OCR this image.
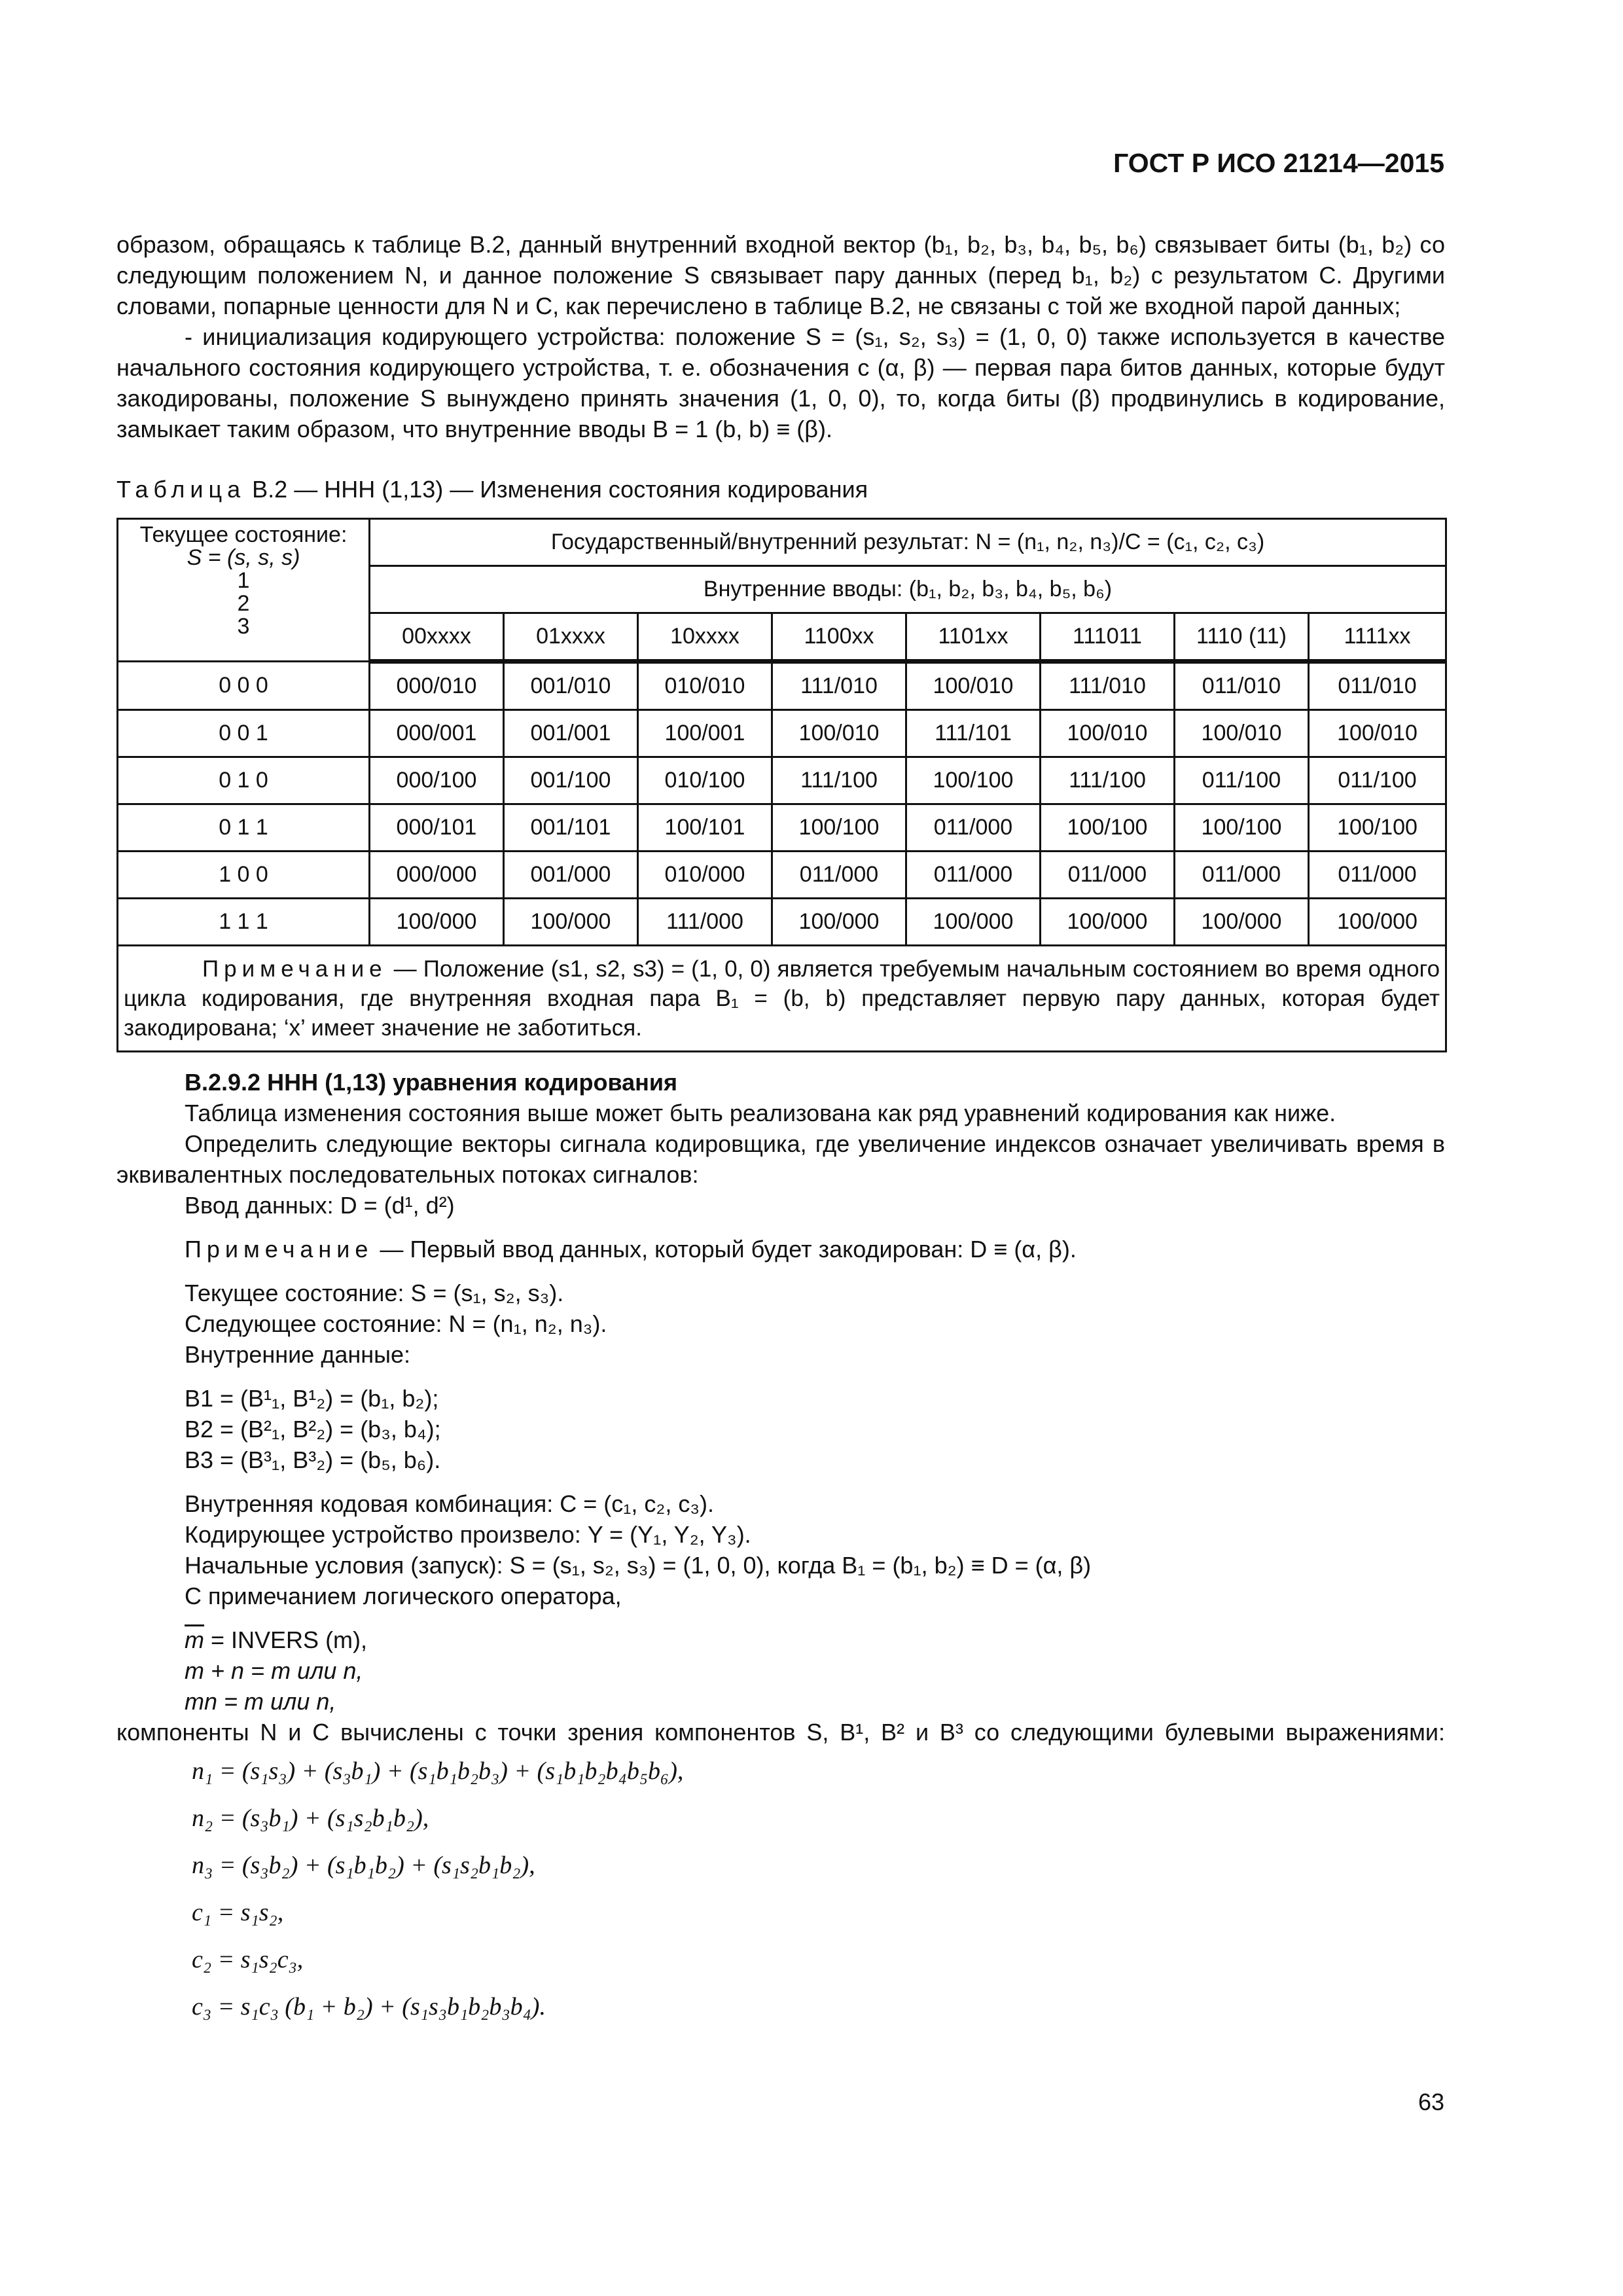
ГОСТ Р ИСО 21214—2015

образом, обращаясь к таблице В.2, данный внутренний входной вектор (b₁, b₂, b₃, b₄, b₅, b₆) связывает биты (b₁, b₂) со следующим положением N, и данное положение S связывает пару данных (перед b₁, b₂) с результатом С. Другими словами, попарные ценности для N и C, как перечислено в таблице В.2, не связаны с той же входной парой данных;

- инициализация кодирующего устройства: положение S = (s₁, s₂, s₃) = (1, 0, 0) также используется в качестве начального состояния кодирующего устройства, т. е. обозначения с (α, β) — первая пара битов данных, которые будут закодированы, положение S вынуждено принять значения (1, 0, 0), то, когда биты (β) продвинулись в кодирование, замыкает таким образом, что внутренние вводы В = 1 (b, b) ≡ (β).

Таблица В.2 — ННН (1,13) — Изменения состояния кодирования
Текущее состояние:
S = (s, s, s)
1
2
3	Государственный/внутренний результат: N = (n₁, n₂, n₃)/C = (c₁, c₂, c₃)							
	Внутренние вводы: (b₁, b₂, b₃, b₄, b₅, b₆)							
	00xxxx	01xxxx	10xxxx	1100xx	1101xx	111011	1110 (11)	1111xx
0 0 0	000/010	001/010	010/010	111/010	100/010	111/010	011/010	011/010
0 0 1	000/001	001/001	100/001	100/010	111/101	100/010	100/010	100/010
0 1 0	000/100	001/100	010/100	111/100	100/100	111/100	011/100	011/100
0 1 1	000/101	001/101	100/101	100/100	011/000	100/100	100/100	100/100
1 0 0	000/000	001/000	010/000	011/000	011/000	011/000	011/000	011/000
1 1 1	100/000	100/000	111/000	100/000	100/000	100/000	100/000	100/000
Примечание — Положение (s1, s2, s3) = (1, 0, 0) является требуемым начальным состоянием во время одного цикла кодирования, где внутренняя входная пара B₁ = (b, b) представляет первую пару данных, которая будет закодирована; ‘x’ имеет значение не заботиться.								
В.2.9.2 ННН (1,13) уравнения кодирования
Таблица изменения состояния выше может быть реализована как ряд уравнений кодирования как ниже.

Определить следующие векторы сигнала кодировщика, где увеличение индексов означает увеличивать время в эквивалентных последовательных потоках сигналов:

Ввод данных: D = (d¹, d²)
Примечание — Первый ввод данных, который будет закодирован: D ≡ (α, β).
Текущее состояние: S = (s₁, s₂, s₃).
Следующее состояние: N = (n₁, n₂, n₃).
Внутренние данные:
B1 = (B¹₁, B¹₂) = (b₁, b₂);
B2 = (B²₁, B²₂) = (b₃, b₄);
B3 = (B³₁, B³₂) = (b₅, b₆).
Внутренняя кодовая комбинация: C = (c₁, c₂, c₃).
Кодирующее устройство произвело: Y = (Y₁, Y₂, Y₃).
Начальные условия (запуск): S = (s₁, s₂, s₃) = (1, 0, 0), когда B₁ = (b₁, b₂) ≡ D = (α, β)
С примечанием логического оператора,
$\overline{m}$ = INVERS (m),
m + n = m или n,
mn = m или n,
компоненты N и C вычислены с точки зрения компонентов S, B¹, B² и B³ со следующими булевыми выражениями:
n₁ = (s₁s₃) + (s₃b₁) + (s₁b₁b₂b₃) + (s₁b₁b₂b₄b₅b₆),
n₂ = (s₃b₁) + (s₁s₂b₁b₂),
n₃ = (s₃b₂) + (s₁b₁b₂) + (s₁s₂b₁b₂),
c₁ = s₁s₂,
c₂ = s₁s₂c₃,
c₃ = s₁c₃ (b₁ + b₂) + (s₁s₃b₁b₂b₃b₄).
63
